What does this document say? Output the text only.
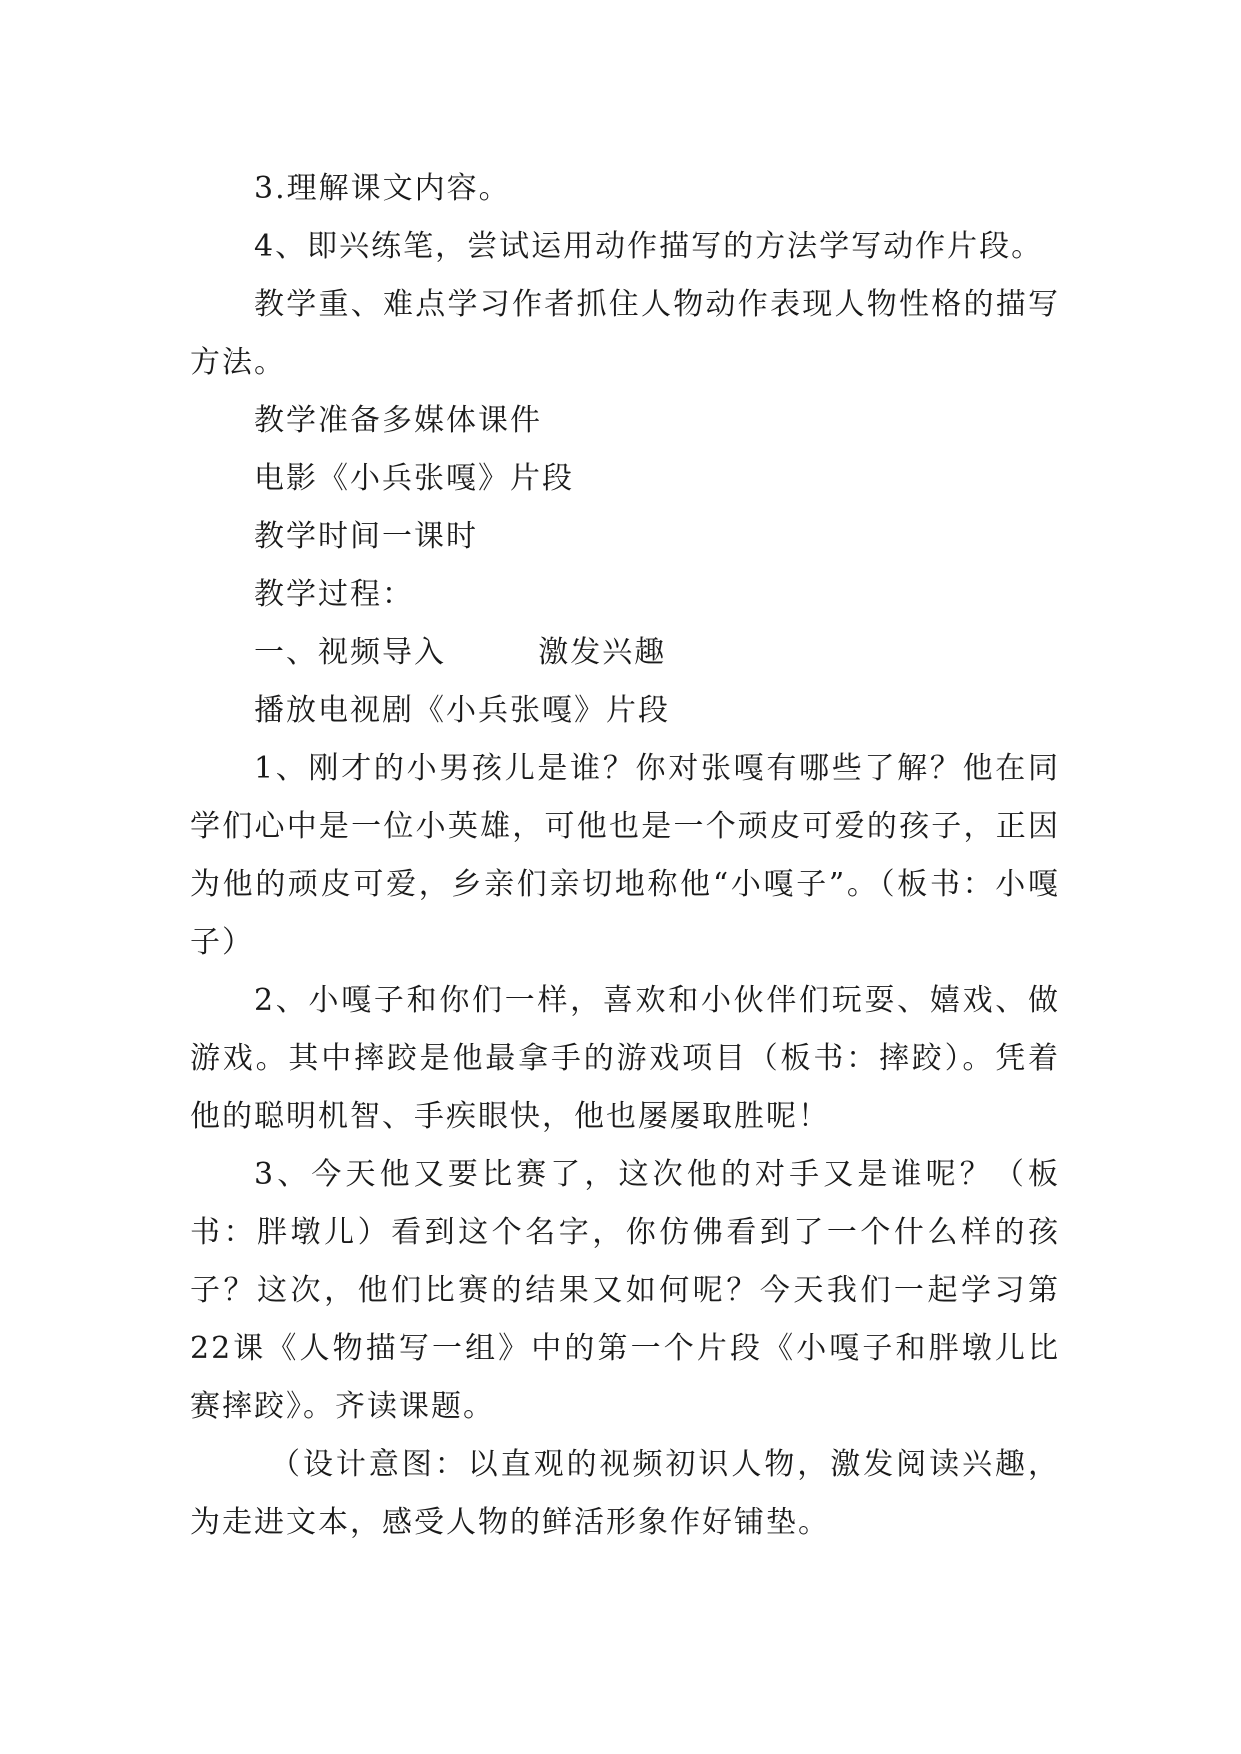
3.理解课文内容。

4、即兴练笔，尝试运用动作描写的方法学写动作片段。

教学重、难点学习作者抓住人物动作表现人物性格的描写方法。

教学准备多媒体课件

电影《小兵张嘎》片段

教学时间一课时

教学过程：

一、视频导入        激发兴趣

播放电视剧《小兵张嘎》片段

1、刚才的小男孩儿是谁？你对张嘎有哪些了解？他在同学们心中是一位小英雄，可他也是一个顽皮可爱的孩子，正因为他的顽皮可爱，乡亲们亲切地称他“小嘎子”。（板书：小嘎子）

2、小嘎子和你们一样，喜欢和小伙伴们玩耍、嬉戏、做游戏。其中摔跤是他最拿手的游戏项目（板书：摔跤）。凭着他的聪明机智、手疾眼快，他也屡屡取胜呢！

3、今天他又要比赛了，这次他的对手又是谁呢？（板书：胖墩儿）看到这个名字，你仿佛看到了一个什么样的孩子？这次，他们比赛的结果又如何呢？今天我们一起学习第22课《人物描写一组》中的第一个片段《小嘎子和胖墩儿比赛摔跤》。齐读课题。

（设计意图：以直观的视频初识人物，激发阅读兴趣，为走进文本，感受人物的鲜活形象作好铺垫。
